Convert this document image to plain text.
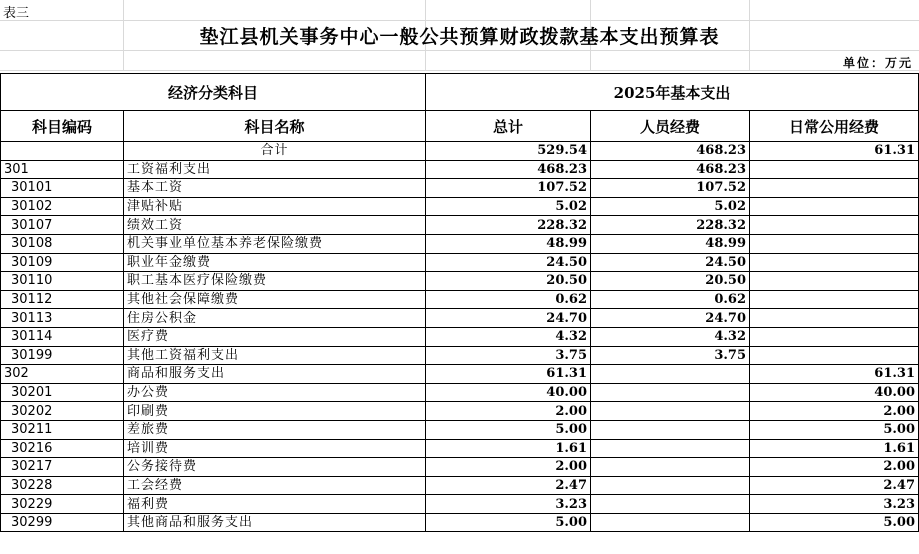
表三
垫江县机关事务中心一般公共预算财政拨款基本支出预算表
单位：万元
经济分类科目		2025年基本支出		
科目编码	科目名称	总计	人员经费	日常公用经费
	合计	529.54	468.23	61.31
301	工资福利支出	468.23	468.23	
30101	基本工资	107.52	107.52	
30102	津贴补贴	5.02	5.02	
30107	绩效工资	228.32	228.32	
30108	机关事业单位基本养老保险缴费	48.99	48.99	
30109	职业年金缴费	24.50	24.50	
30110	职工基本医疗保险缴费	20.50	20.50	
30112	其他社会保障缴费	0.62	0.62	
30113	住房公积金	24.70	24.70	
30114	医疗费	4.32	4.32	
30199	其他工资福利支出	3.75	3.75	
302	商品和服务支出	61.31		61.31
30201	办公费	40.00		40.00
30202	印刷费	2.00		2.00
30211	差旅费	5.00		5.00
30216	培训费	1.61		1.61
30217	公务接待费	2.00		2.00
30228	工会经费	2.47		2.47
30229	福利费	3.23		3.23
30299	其他商品和服务支出	5.00		5.00
